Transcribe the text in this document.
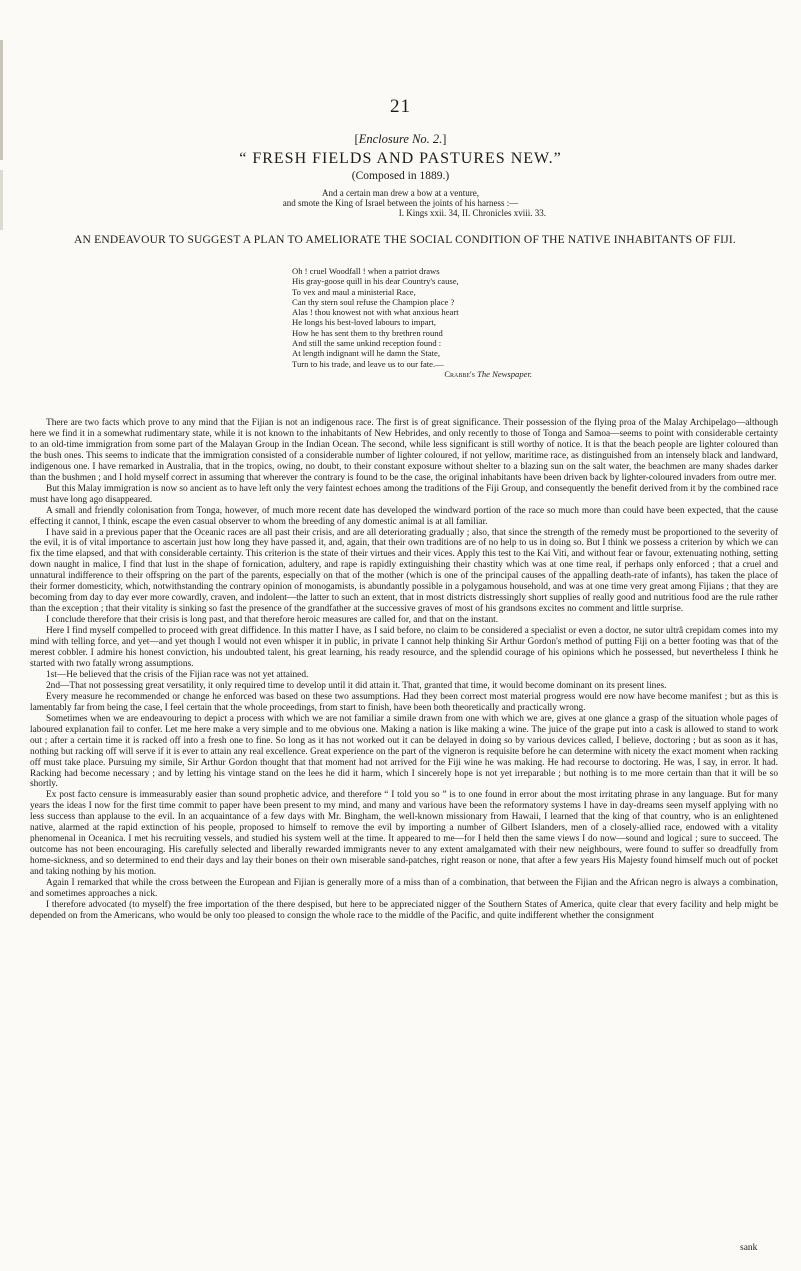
21
[Enclosure No. 2.]
“ FRESH FIELDS AND PASTURES NEW.”
(Composed in 1889.)
And a certain man drew a bow at a venture,
and smote the King of Israel between the joints of his harness :—
I. Kings xxii. 34, II. Chronicles xviii. 33.
AN ENDEAVOUR TO SUGGEST A PLAN TO AMELIORATE THE SOCIAL CONDITION OF THE NATIVE INHABITANTS OF FIJI.
Oh ! cruel Woodfall ! when a patriot draws
His gray-goose quill in his dear Country's cause,
To vex and maul a ministerial Race,
Can thy stern soul refuse the Champion place ?
Alas ! thou knowest not with what anxious heart
He longs his best-loved labours to impart,
How he has sent them to thy brethren round
And still the same unkind reception found :
At length indignant will he damn the State,
Turn to his trade, and leave us to our fate.—
Crabbe's The Newspaper.

There are two facts which prove to any mind that the Fijian is not an indigenous race. The first is of great significance. Their possession of the flying proa of the Malay Archipelago—although here we find it in a somewhat rudimentary state, while it is not known to the inhabitants of New Hebrides, and only recently to those of Tonga and Samoa—seems to point with considerable certainty to an old-time immigration from some part of the Malayan Group in the Indian Ocean. The second, while less significant is still worthy of notice. It is that the beach people are lighter coloured than the bush ones. This seems to indicate that the immigration consisted of a considerable number of lighter coloured, if not yellow, maritime race, as distinguished from an intensely black and landward, indigenous one. I have remarked in Australia, that in the tropics, owing, no doubt, to their constant exposure without shelter to a blazing sun on the salt water, the beachmen are many shades darker than the bushmen ; and I hold myself correct in assuming that wherever the contrary is found to be the case, the original inhabitants have been driven back by lighter-coloured invaders from outre mer.

But this Malay immigration is now so ancient as to have left only the very faintest echoes among the traditions of the Fiji Group, and consequently the benefit derived from it by the combined race must have long ago disappeared.

A small and friendly colonisation from Tonga, however, of much more recent date has developed the windward portion of the race so much more than could have been expected, that the cause effecting it cannot, I think, escape the even casual observer to whom the breeding of any domestic animal is at all familiar.

I have said in a previous paper that the Oceanic races are all past their crisis, and are all deteriorating gradually ; also, that since the strength of the remedy must be proportioned to the severity of the evil, it is of vital importance to ascertain just how long they have passed it, and, again, that their own traditions are of no help to us in doing so. But I think we possess a criterion by which we can fix the time elapsed, and that with considerable certainty. This criterion is the state of their virtues and their vices. Apply this test to the Kai Viti, and without fear or favour, extenuating nothing, setting down naught in malice, I find that lust in the shape of fornication, adultery, and rape is rapidly extinguishing their chastity which was at one time real, if perhaps only enforced ; that a cruel and unnatural indifference to their offspring on the part of the parents, especially on that of the mother (which is one of the principal causes of the appalling death-rate of infants), has taken the place of their former domesticity, which, notwithstanding the contrary opinion of monogamists, is abundantly possible in a polygamous household, and was at one time very great among Fijians ; that they are becoming from day to day ever more cowardly, craven, and indolent—the latter to such an extent, that in most districts distressingly short supplies of really good and nutritious food are the rule rather than the exception ; that their vitality is sinking so fast the presence of the grandfather at the successive graves of most of his grandsons excites no comment and little surprise.

I conclude therefore that their crisis is long past, and that therefore heroic measures are called for, and that on the instant.

Here I find myself compelled to proceed with great diffidence. In this matter I have, as I said before, no claim to be considered a specialist or even a doctor, ne sutor ultrâ crepidam comes into my mind with telling force, and yet—and yet though I would not even whisper it in public, in private I cannot help thinking Sir Arthur Gordon's method of putting Fiji on a better footing was that of the merest cobbler. I admire his honest conviction, his undoubted talent, his great learning, his ready resource, and the splendid courage of his opinions which he possessed, but nevertheless I think he started with two fatally wrong assumptions.

1st—He believed that the crisis of the Fijian race was not yet attained.

2nd—That not possessing great versatility, it only required time to develop until it did attain it. That, granted that time, it would become dominant on its present lines.

Every measure he recommended or change he enforced was based on these two assumptions. Had they been correct most material progress would ere now have become manifest ; but as this is lamentably far from being the case, I feel certain that the whole proceedings, from start to finish, have been both theoretically and practically wrong.

Sometimes when we are endeavouring to depict a process with which we are not familiar a simile drawn from one with which we are, gives at one glance a grasp of the situation whole pages of laboured explanation fail to confer. Let me here make a very simple and to me obvious one. Making a nation is like making a wine. The juice of the grape put into a cask is allowed to stand to work out ; after a certain time it is racked off into a fresh one to fine. So long as it has not worked out it can be delayed in doing so by various devices called, I believe, doctoring ; but as soon as it has, nothing but racking off will serve if it is ever to attain any real excellence. Great experience on the part of the vigneron is requisite before he can determine with nicety the exact moment when racking off must take place. Pursuing my simile, Sir Arthur Gordon thought that that moment had not arrived for the Fiji wine he was making. He had recourse to doctoring. He was, I say, in error. It had. Racking had become necessary ; and by letting his vintage stand on the lees he did it harm, which I sincerely hope is not yet irreparable ; but nothing is to me more certain than that it will be so shortly.

Ex post facto censure is immeasurably easier than sound prophetic advice, and therefore “ I told you so ” is to one found in error about the most irritating phrase in any language. But for many years the ideas I now for the first time commit to paper have been present to my mind, and many and various have been the reformatory systems I have in day-dreams seen myself applying with no less success than applause to the evil. In an acquaintance of a few days with Mr. Bingham, the well-known missionary from Hawaii, I learned that the king of that country, who is an enlightened native, alarmed at the rapid extinction of his people, proposed to himself to remove the evil by importing a number of Gilbert Islanders, men of a closely-allied race, endowed with a vitality phenomenal in Oceanica. I met his recruiting vessels, and studied his system well at the time. It appeared to me—for I held then the same views I do now—sound and logical ; sure to succeed. The outcome has not been encouraging. His carefully selected and liberally rewarded immigrants never to any extent amalgamated with their new neighbours, were found to suffer so dreadfully from home-sickness, and so determined to end their days and lay their bones on their own miserable sand-patches, right reason or none, that after a few years His Majesty found himself much out of pocket and taking nothing by his motion.

Again I remarked that while the cross between the European and Fijian is generally more of a miss than of a combination, that between the Fijian and the African negro is always a combination, and sometimes approaches a nick.

I therefore advocated (to myself) the free importation of the there despised, but here to be appreciated nigger of the Southern States of America, quite clear that every facility and help might be depended on from the Americans, who would be only too pleased to consign the whole race to the middle of the Pacific, and quite indifferent whether the consignment

sank
